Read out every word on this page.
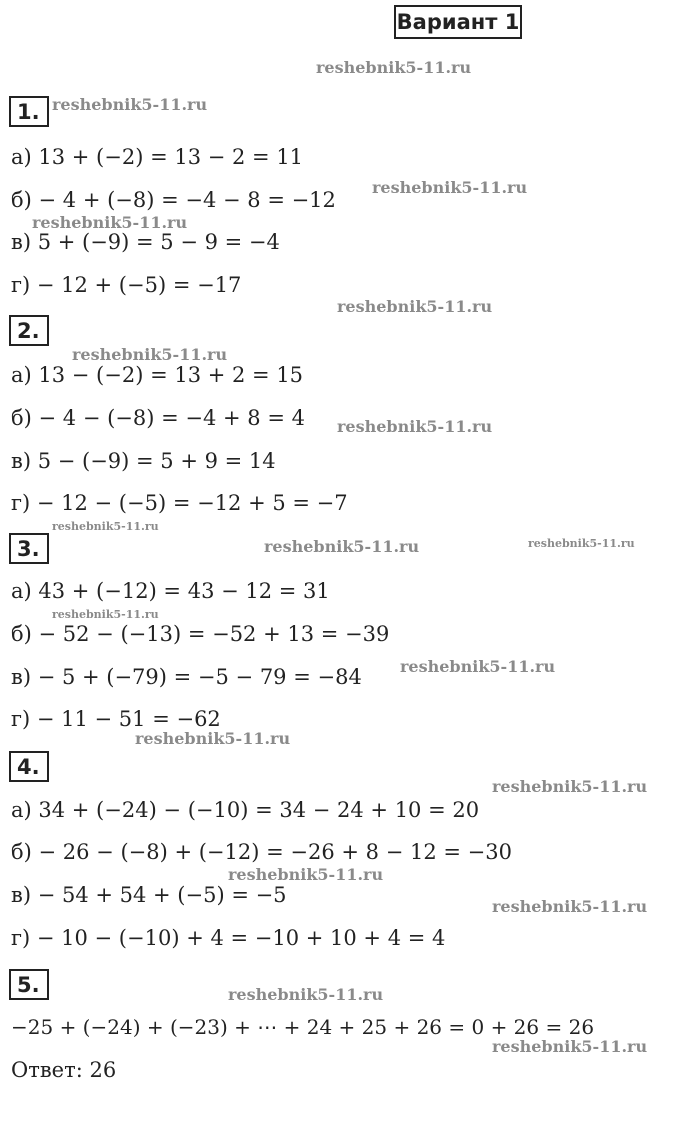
Вариант 1
1.
а) 13 + (−2) = 13 − 2 = 11
б) − 4 + (−8) = −4 − 8 = −12
в) 5 + (−9) = 5 − 9 = −4
г) − 12 + (−5) = −17
2.
а) 13 − (−2) = 13 + 2 = 15
б) − 4 − (−8) = −4 + 8 = 4
в) 5 − (−9) = 5 + 9 = 14
г) − 12 − (−5) = −12 + 5 = −7
3.
а) 43 + (−12) = 43 − 12 = 31
б) − 52 − (−13) = −52 + 13 = −39
в) − 5 + (−79) = −5 − 79 = −84
г) − 11 − 51 = −62
4.
а) 34 + (−24) − (−10) = 34 − 24 + 10 = 20
б) − 26 − (−8) + (−12) = −26 + 8 − 12 = −30
в) − 54 + 54 + (−5) = −5
г) − 10 − (−10) + 4 = −10 + 10 + 4 = 4
5.
−25 + (−24) + (−23) + ⋯ + 24 + 25 + 26 = 0 + 26 = 26
Ответ: 26
reshebnik5-11.ru
reshebnik5-11.ru
reshebnik5-11.ru
reshebnik5-11.ru
reshebnik5-11.ru
reshebnik5-11.ru
reshebnik5-11.ru
reshebnik5-11.ru
reshebnik5-11.ru	reshebnik5-11.ru
reshebnik5-11.ru
reshebnik5-11.ru
reshebnik5-11.ru
reshebnik5-11.ru
reshebnik5-11.ru
reshebnik5-11.ru
reshebnik5-11.ru
reshebnik5-11.ru
